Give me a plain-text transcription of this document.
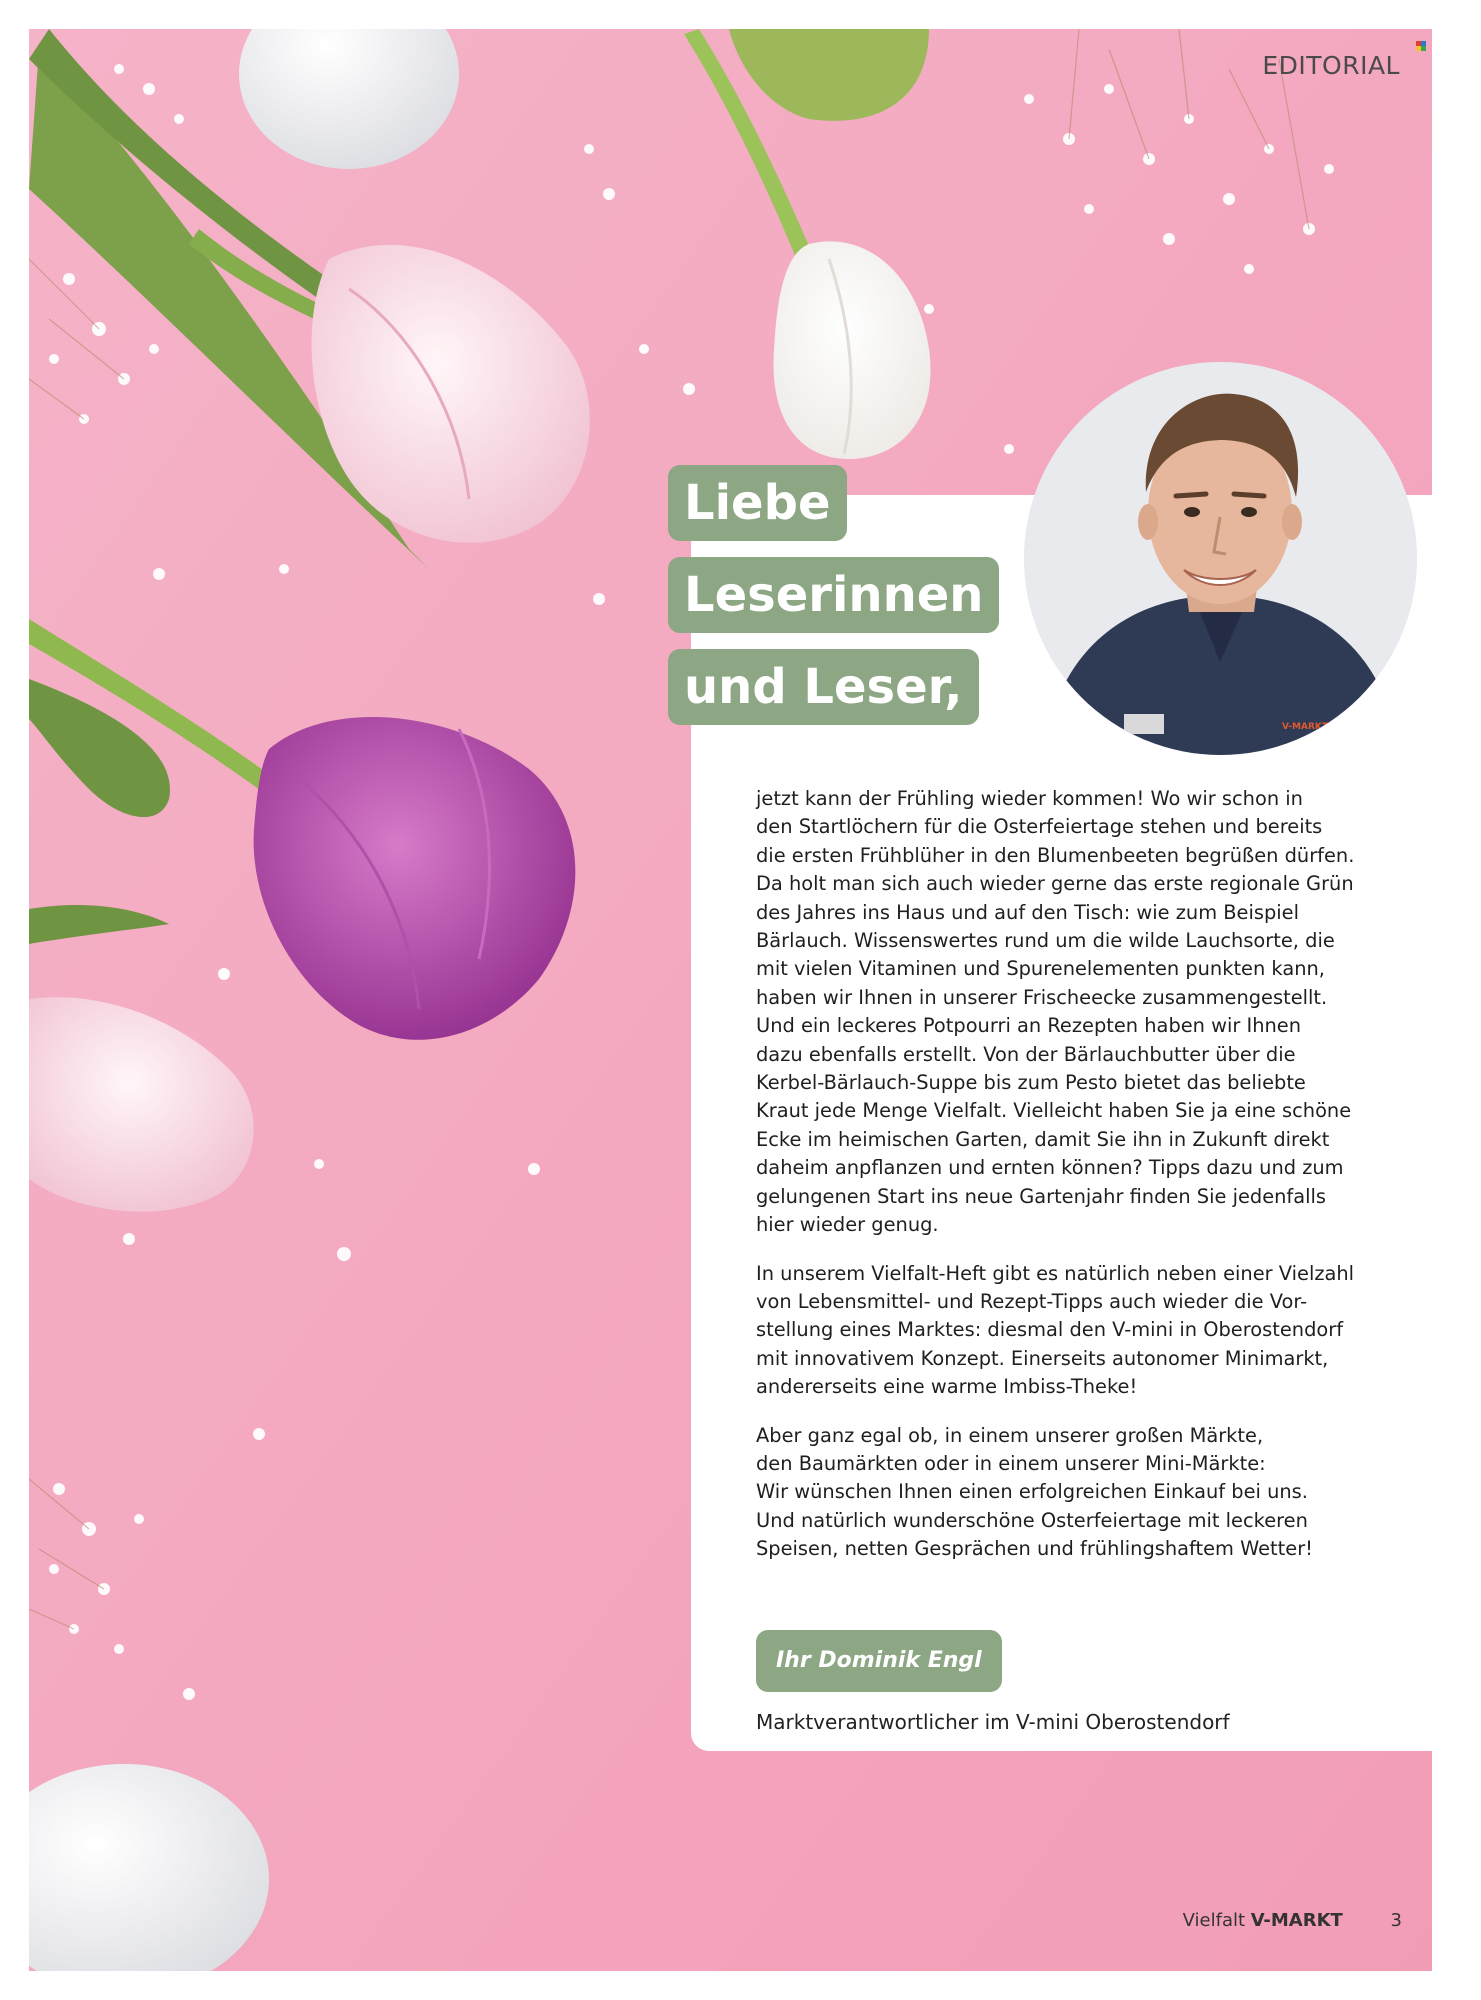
EDITORIAL
V-MARKT
Liebe
Leserinnen
und Leser,

jetzt kann der Frühling wieder kommen! Wo wir schon in
den Startlöchern für die Osterfeiertage stehen und bereits
die ersten Frühblüher in den Blumenbeeten begrüßen dürfen.
Da holt man sich auch wieder gerne das erste regionale Grün
des Jahres ins Haus und auf den Tisch: wie zum Beispiel
Bärlauch. Wissenswertes rund um die wilde Lauchsorte, die
mit vielen Vitaminen und Spurenelementen punkten kann,
haben wir Ihnen in unserer Frischeecke zusammengestellt.
Und ein leckeres Potpourri an Rezepten haben wir Ihnen
dazu ebenfalls erstellt. Von der Bärlauchbutter über die
Kerbel-Bärlauch-Suppe bis zum Pesto bietet das beliebte
Kraut jede Menge Vielfalt. Vielleicht haben Sie ja eine schöne
Ecke im heimischen Garten, damit Sie ihn in Zukunft direkt
daheim anpflanzen und ernten können? Tipps dazu und zum
gelungenen Start ins neue Gartenjahr finden Sie jedenfalls
hier wieder genug.

In unserem Vielfalt-Heft gibt es natürlich neben einer Vielzahl
von Lebensmittel- und Rezept-Tipps auch wieder die Vor-
stellung eines Marktes: diesmal den V-mini in Oberostendorf
mit innovativem Konzept. Einerseits autonomer Minimarkt,
andererseits eine warme Imbiss-Theke!

Aber ganz egal ob, in einem unserer großen Märkte,
den Baumärkten oder in einem unserer Mini-Märkte:
Wir wünschen Ihnen einen erfolgreichen Einkauf bei uns.
Und natürlich wunderschöne Osterfeiertage mit leckeren
Speisen, netten Gesprächen und frühlingshaftem Wetter!

Ihr Dominik Engl
Marktverantwortlicher im V-mini Oberostendorf
Vielfalt V-MARKT	3
